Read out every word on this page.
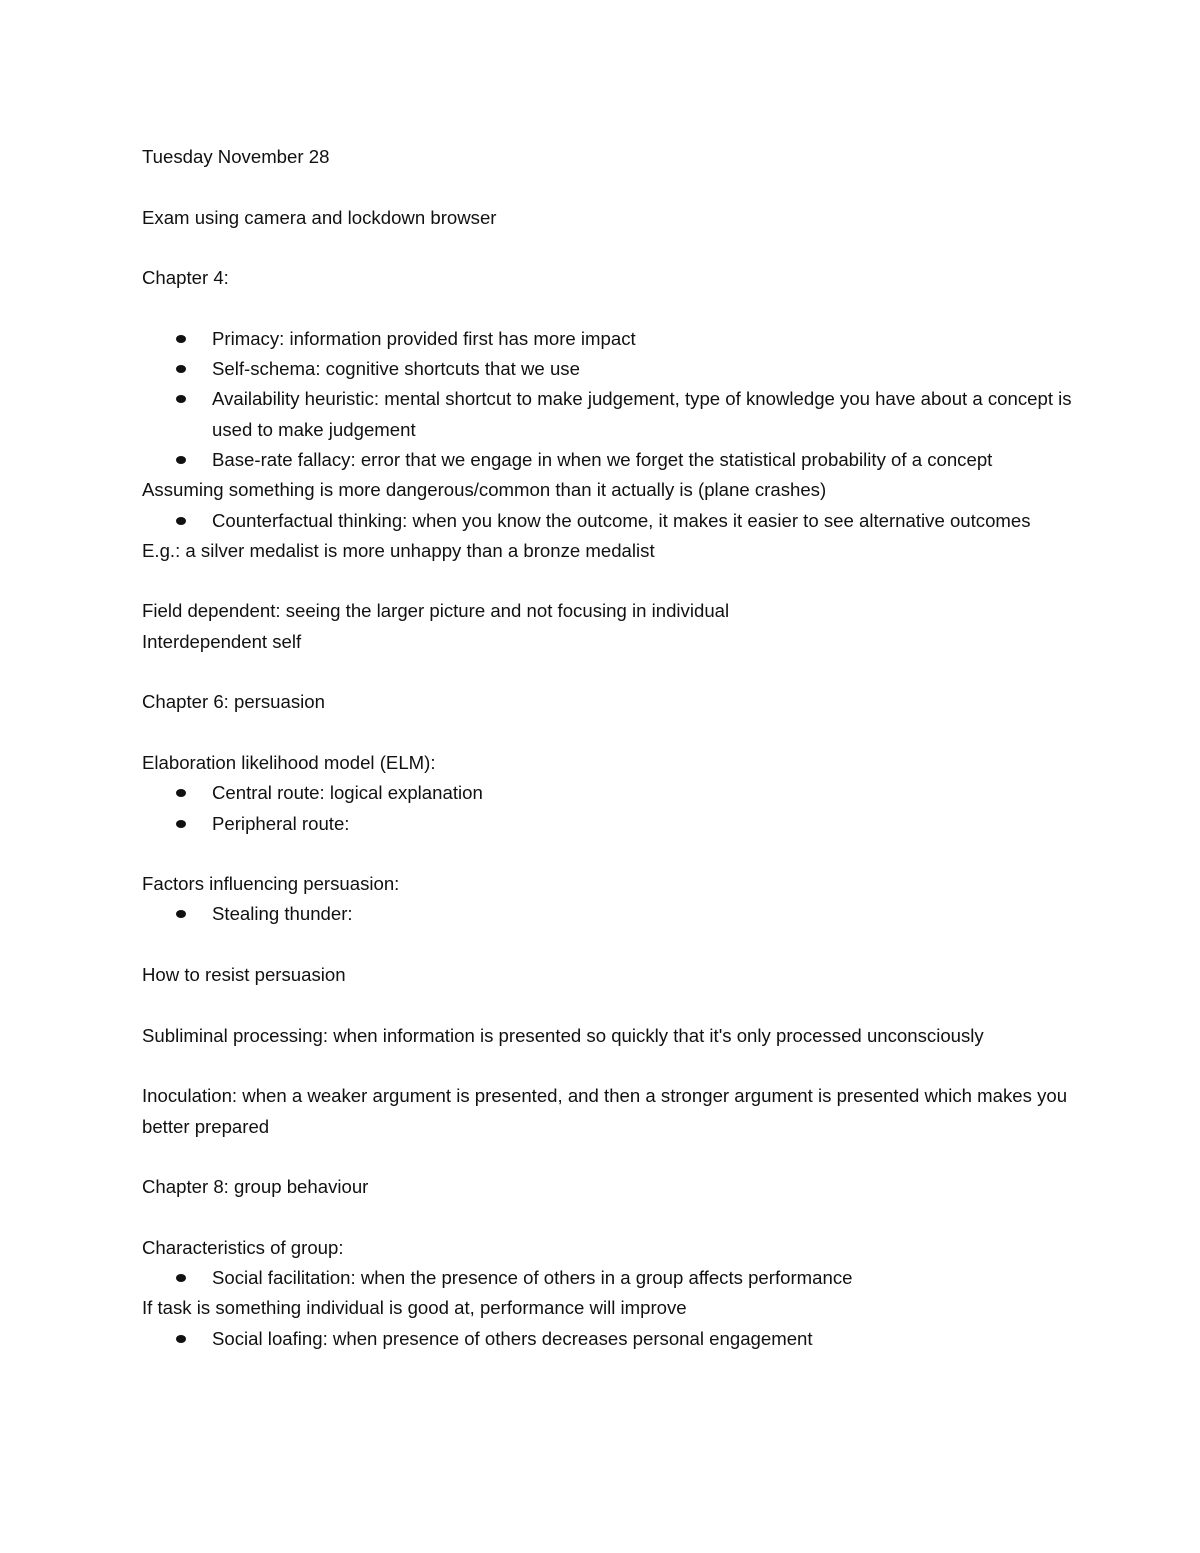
Tuesday November 28

Exam using camera and lockdown browser

Chapter 4:

Primacy: information provided first has more impact
Self-schema: cognitive shortcuts that we use
Availability heuristic: mental shortcut to make judgement, type of knowledge you have about a concept is used to make judgement
Base-rate fallacy: error that we engage in when we forget the statistical probability of a concept

Assuming something is more dangerous/common than it actually is (plane crashes)

Counterfactual thinking: when you know the outcome, it makes it easier to see alternative outcomes

E.g.: a silver medalist is more unhappy than a bronze medalist

Field dependent: seeing the larger picture and not focusing in individual

Interdependent self

Chapter 6: persuasion

Elaboration likelihood model (ELM):

Central route: logical explanation
Peripheral route:

Factors influencing persuasion:

Stealing thunder:

How to resist persuasion

Subliminal processing: when information is presented so quickly that it's only processed unconsciously

Inoculation: when a weaker argument is presented, and then a stronger argument is presented which makes you better prepared

Chapter 8: group behaviour

Characteristics of group:

Social facilitation: when the presence of others in a group affects performance

If task is something individual is good at, performance will improve

Social loafing: when presence of others decreases personal engagement
